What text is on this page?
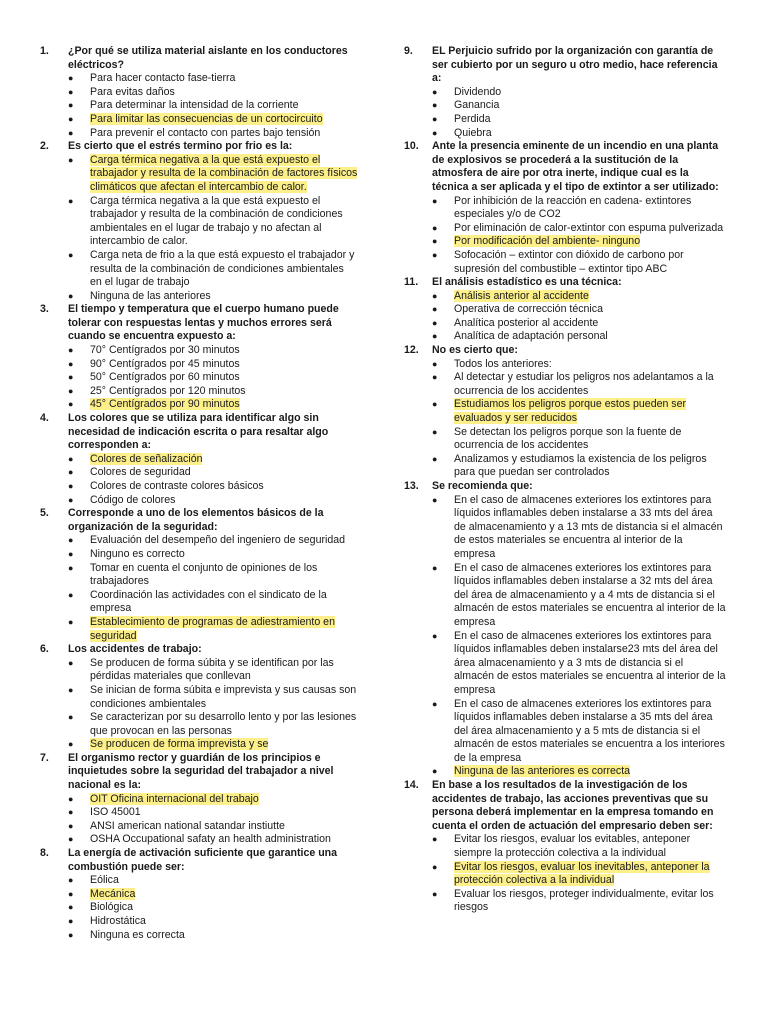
1.	¿Por qué se utiliza material aislante en los conductores eléctricos?
●	Para hacer contacto fase-tierra
●	Para evitas daños
●	Para determinar la intensidad de la corriente
●	Para limitar las consecuencias de un cortocircuito
●	Para prevenir el contacto con partes bajo tensión
2.	Es cierto que el estrés termino por frio es la:
●	Carga térmica negativa a la que está expuesto el trabajador y resulta de la combinación de factores físicos climáticos que afectan el intercambio de calor.
●	Carga térmica negativa a la que está expuesto el trabajador y resulta de la combinación de condiciones ambientales en el lugar de trabajo y no afectan al intercambio de calor.
●	Carga neta de frio a la que está expuesto el trabajador y resulta de la combinación de condiciones ambientales en el lugar de trabajo
●	Ninguna de las anteriores
3.	El tiempo y temperatura que el cuerpo humano puede tolerar con respuestas lentas y muchos errores será cuando se encuentra expuesto a:
●	70° Centígrados por 30 minutos
●	90° Centígrados por 45 minutos
●	50° Centígrados por 60 minutos
●	25° Centígrados por 120 minutos
●	45° Centígrados por 90 minutos
4.	Los colores que se utiliza para identificar algo sin necesidad de indicación escrita o para resaltar algo corresponden a:
●	Colores de señalización
●	Colores de seguridad
●	Colores de contraste colores básicos
●	Código de colores
5.	Corresponde a uno de los elementos básicos de la organización de la seguridad:
●	Evaluación del desempeño del ingeniero de seguridad
●	Ninguno es correcto
●	Tomar en cuenta el conjunto de opiniones de los trabajadores
●	Coordinación las actividades con el sindicato de la empresa
●	Establecimiento de programas de adiestramiento en seguridad
6.	Los accidentes de trabajo:
●	Se producen de forma súbita y se identifican por las pérdidas materiales que conllevan
●	Se inician de forma súbita e imprevista y sus causas son condiciones ambientales
●	Se caracterizan por su desarrollo lento y por las lesiones que provocan en las personas
●	Se producen de forma imprevista y se
7.	El organismo rector y guardián de los principios e inquietudes sobre la seguridad del trabajador a nivel nacional es la:
●	OIT Oficina internacional del trabajo
●	ISO 45001
●	ANSI american national satandar instiutte
●	OSHA Occupational safaty an health administration
8.	La energía de activación suficiente que garantice una combustión puede ser:
●	Eólica
●	Mecánica
●	Biológica
●	Hidrostática
●	Ninguna es correcta
9.	EL Perjuicio sufrido por la organización con garantía de ser cubierto por un seguro u otro medio, hace referencia a:
●	Dividendo
●	Ganancia
●	Perdida
●	Quiebra
10.	Ante la presencia eminente de un incendio en una planta de explosivos se procederá a la sustitución de la atmosfera de aire por otra inerte, indique cual es la técnica a ser aplicada y el tipo de extintor a ser utilizado:
●	Por inhibición de la reacción en cadena- extintores especiales y/o de CO2
●	Por eliminación de calor-extintor con espuma pulverizada
●	Por modificación del ambiente- ninguno
●	Sofocación – extintor con dióxido de carbono por supresión del combustible – extintor tipo ABC
11.	El análisis estadístico es una técnica:
●	Análisis anterior al accidente
●	Operativa de corrección técnica
●	Analítica posterior al accidente
●	Analítica de adaptación personal
12.	No es cierto que:
●	Todos los anteriores:
●	Al detectar y estudiar los peligros nos adelantamos a la ocurrencia de los accidentes
●	Estudiamos los peligros porque estos pueden ser evaluados y ser reducidos
●	Se detectan los peligros porque son la fuente de ocurrencia de los accidentes
●	Analizamos y estudiamos la existencia de los peligros para que puedan ser controlados
13.	Se recomienda que:
●	En el caso de almacenes exteriores los extintores para líquidos inflamables deben instalarse a 33 mts del área de almacenamiento y a 13 mts de distancia si el almacén de estos materiales se encuentra al interior de la empresa
●	En el caso de almacenes exteriores los extintores para líquidos inflamables deben instalarse a 32 mts del área del área de almacenamiento y a 4 mts de distancia si el almacén de estos materiales se encuentra al interior de la empresa
●	En el caso de almacenes exteriores los extintores para líquidos inflamables deben instalarse23 mts del área del área almacenamiento y a 3 mts de distancia si el almacén de estos materiales se encuentra al interior de la empresa
●	En el caso de almacenes exteriores los extintores para líquidos inflamables deben instalarse a 35 mts del área del área almacenamiento y a 5 mts de distancia si el almacén de estos materiales se encuentra a los interiores de la empresa
●	Ninguna de las anteriores es correcta
14.	En base a los resultados de la investigación de los accidentes de trabajo, las acciones preventivas que su persona deberá implementar en la empresa tomando en cuenta el orden de actuación del empresario deben ser:
●	Evitar los riesgos, evaluar los evitables, anteponer siempre la protección colectiva a la individual
●	Evitar los riesgos, evaluar los inevitables, anteponer la protección colectiva a la individual
●	Evaluar los riesgos, proteger individualmente, evitar los riesgos
